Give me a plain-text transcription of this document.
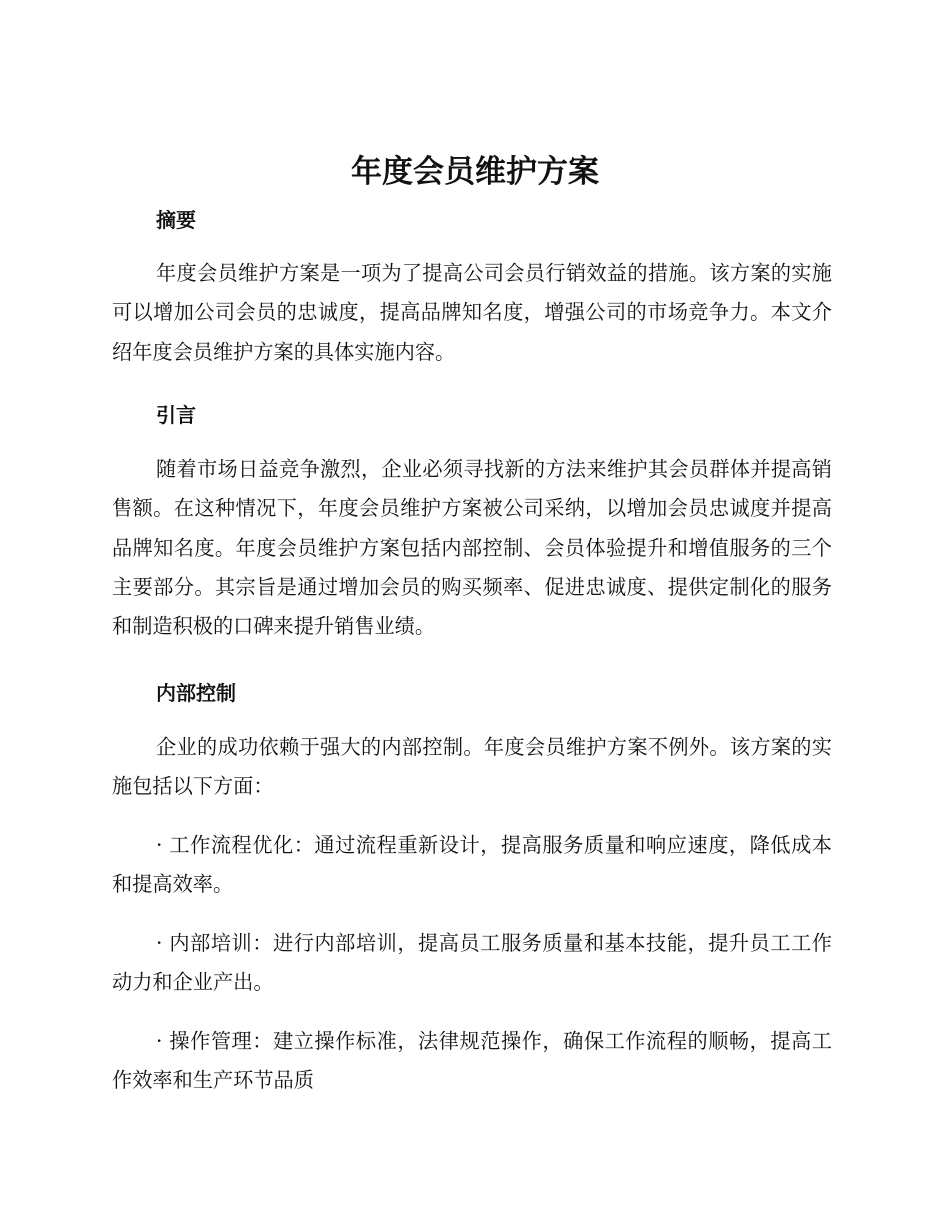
年度会员维护方案
摘要

年度会员维护方案是一项为了提高公司会员行销效益的措施。该方案的实施可以增加公司会员的忠诚度，提高品牌知名度，增强公司的市场竞争力。本文介绍年度会员维护方案的具体实施内容。

引言

随着市场日益竞争激烈，企业必须寻找新的方法来维护其会员群体并提高销售额。在这种情况下，年度会员维护方案被公司采纳，以增加会员忠诚度并提高品牌知名度。年度会员维护方案包括内部控制、会员体验提升和增值服务的三个主要部分。其宗旨是通过增加会员的购买频率、促进忠诚度、提供定制化的服务和制造积极的口碑来提升销售业绩。

内部控制

企业的成功依赖于强大的内部控制。年度会员维护方案不例外。该方案的实施包括以下方面：

· 工作流程优化：通过流程重新设计，提高服务质量和响应速度，降低成本和提高效率。

· 内部培训：进行内部培训，提高员工服务质量和基本技能，提升员工工作动力和企业产出。

· 操作管理：建立操作标准，法律规范操作，确保工作流程的顺畅，提高工作效率和生产环节品质
